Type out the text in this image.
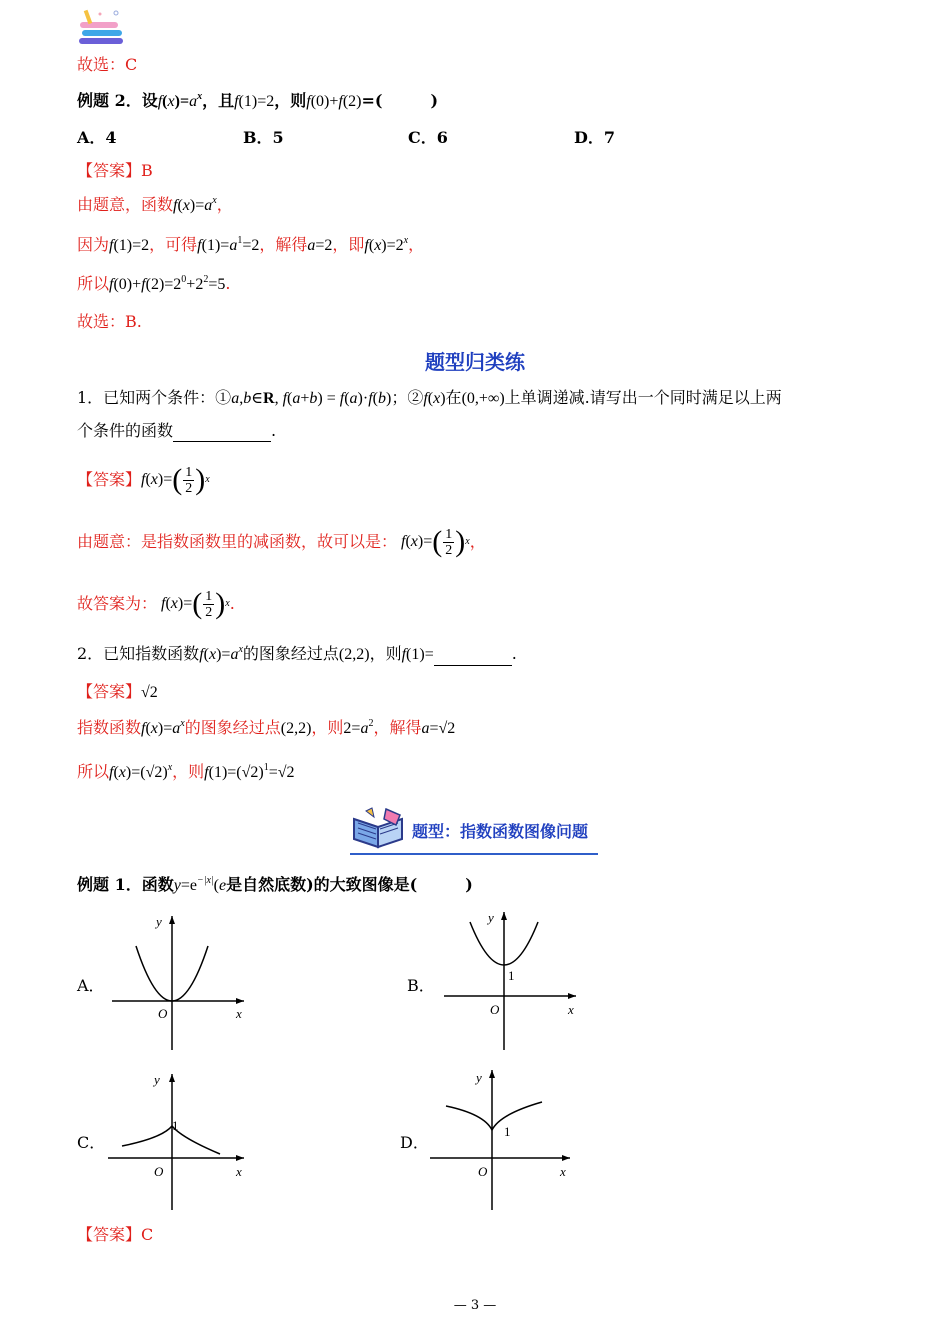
故选：C
例题 2．设$f(x)=a^x$，且f(1)=2，则f(0)+f(2)=(　　　)
A．4	B．5	C．6	D．7
【答案】B
由题意，函数$f(x)=a^x$，
因为f(1)=2，可得$f(1)=a^1=2$，解得a=2，即$f(x)=2^x$，
所以$f(0)+f(2)=2^0+2^2=5$.
故选：B.
题型归类练
1．已知两个条件：①a,b∈R, f(a+b) = f(a)·f(b)；②f(x)在(0,+∞)上单调递减.请写出一个同时满足以上两
个条件的函数	.
【答案】 f ( x )= ( $\frac{1}{2}$ ) x
由题意：是指数函数里的减函数，故可以是： f ( x )= ( $\frac{1}{2}$ ) x ，
故答案为： f ( x )= ( $\frac{1}{2}$ ) x .
2．已知指数函数$f(x)=a^x$的图象经过点(2,2)，则f(1)=	.
【答案】√2
指数函数$f(x)=a^x$的图象经过点(2,2)，则$2=a^2$，解得a=√2
所以$f(x)=(√2)^x$，则$f(1)=(√2)^1=√2$
题型：指数函数图像问题
例题 1．函数$y=e^{-|x|}(e$是自然底数)的大致图像是(　　　)
A．
y
x
O
B．
y
1
x
O
C．
y
1
x
O
D．
y
1
x
O
【答案】C
— 3 —
